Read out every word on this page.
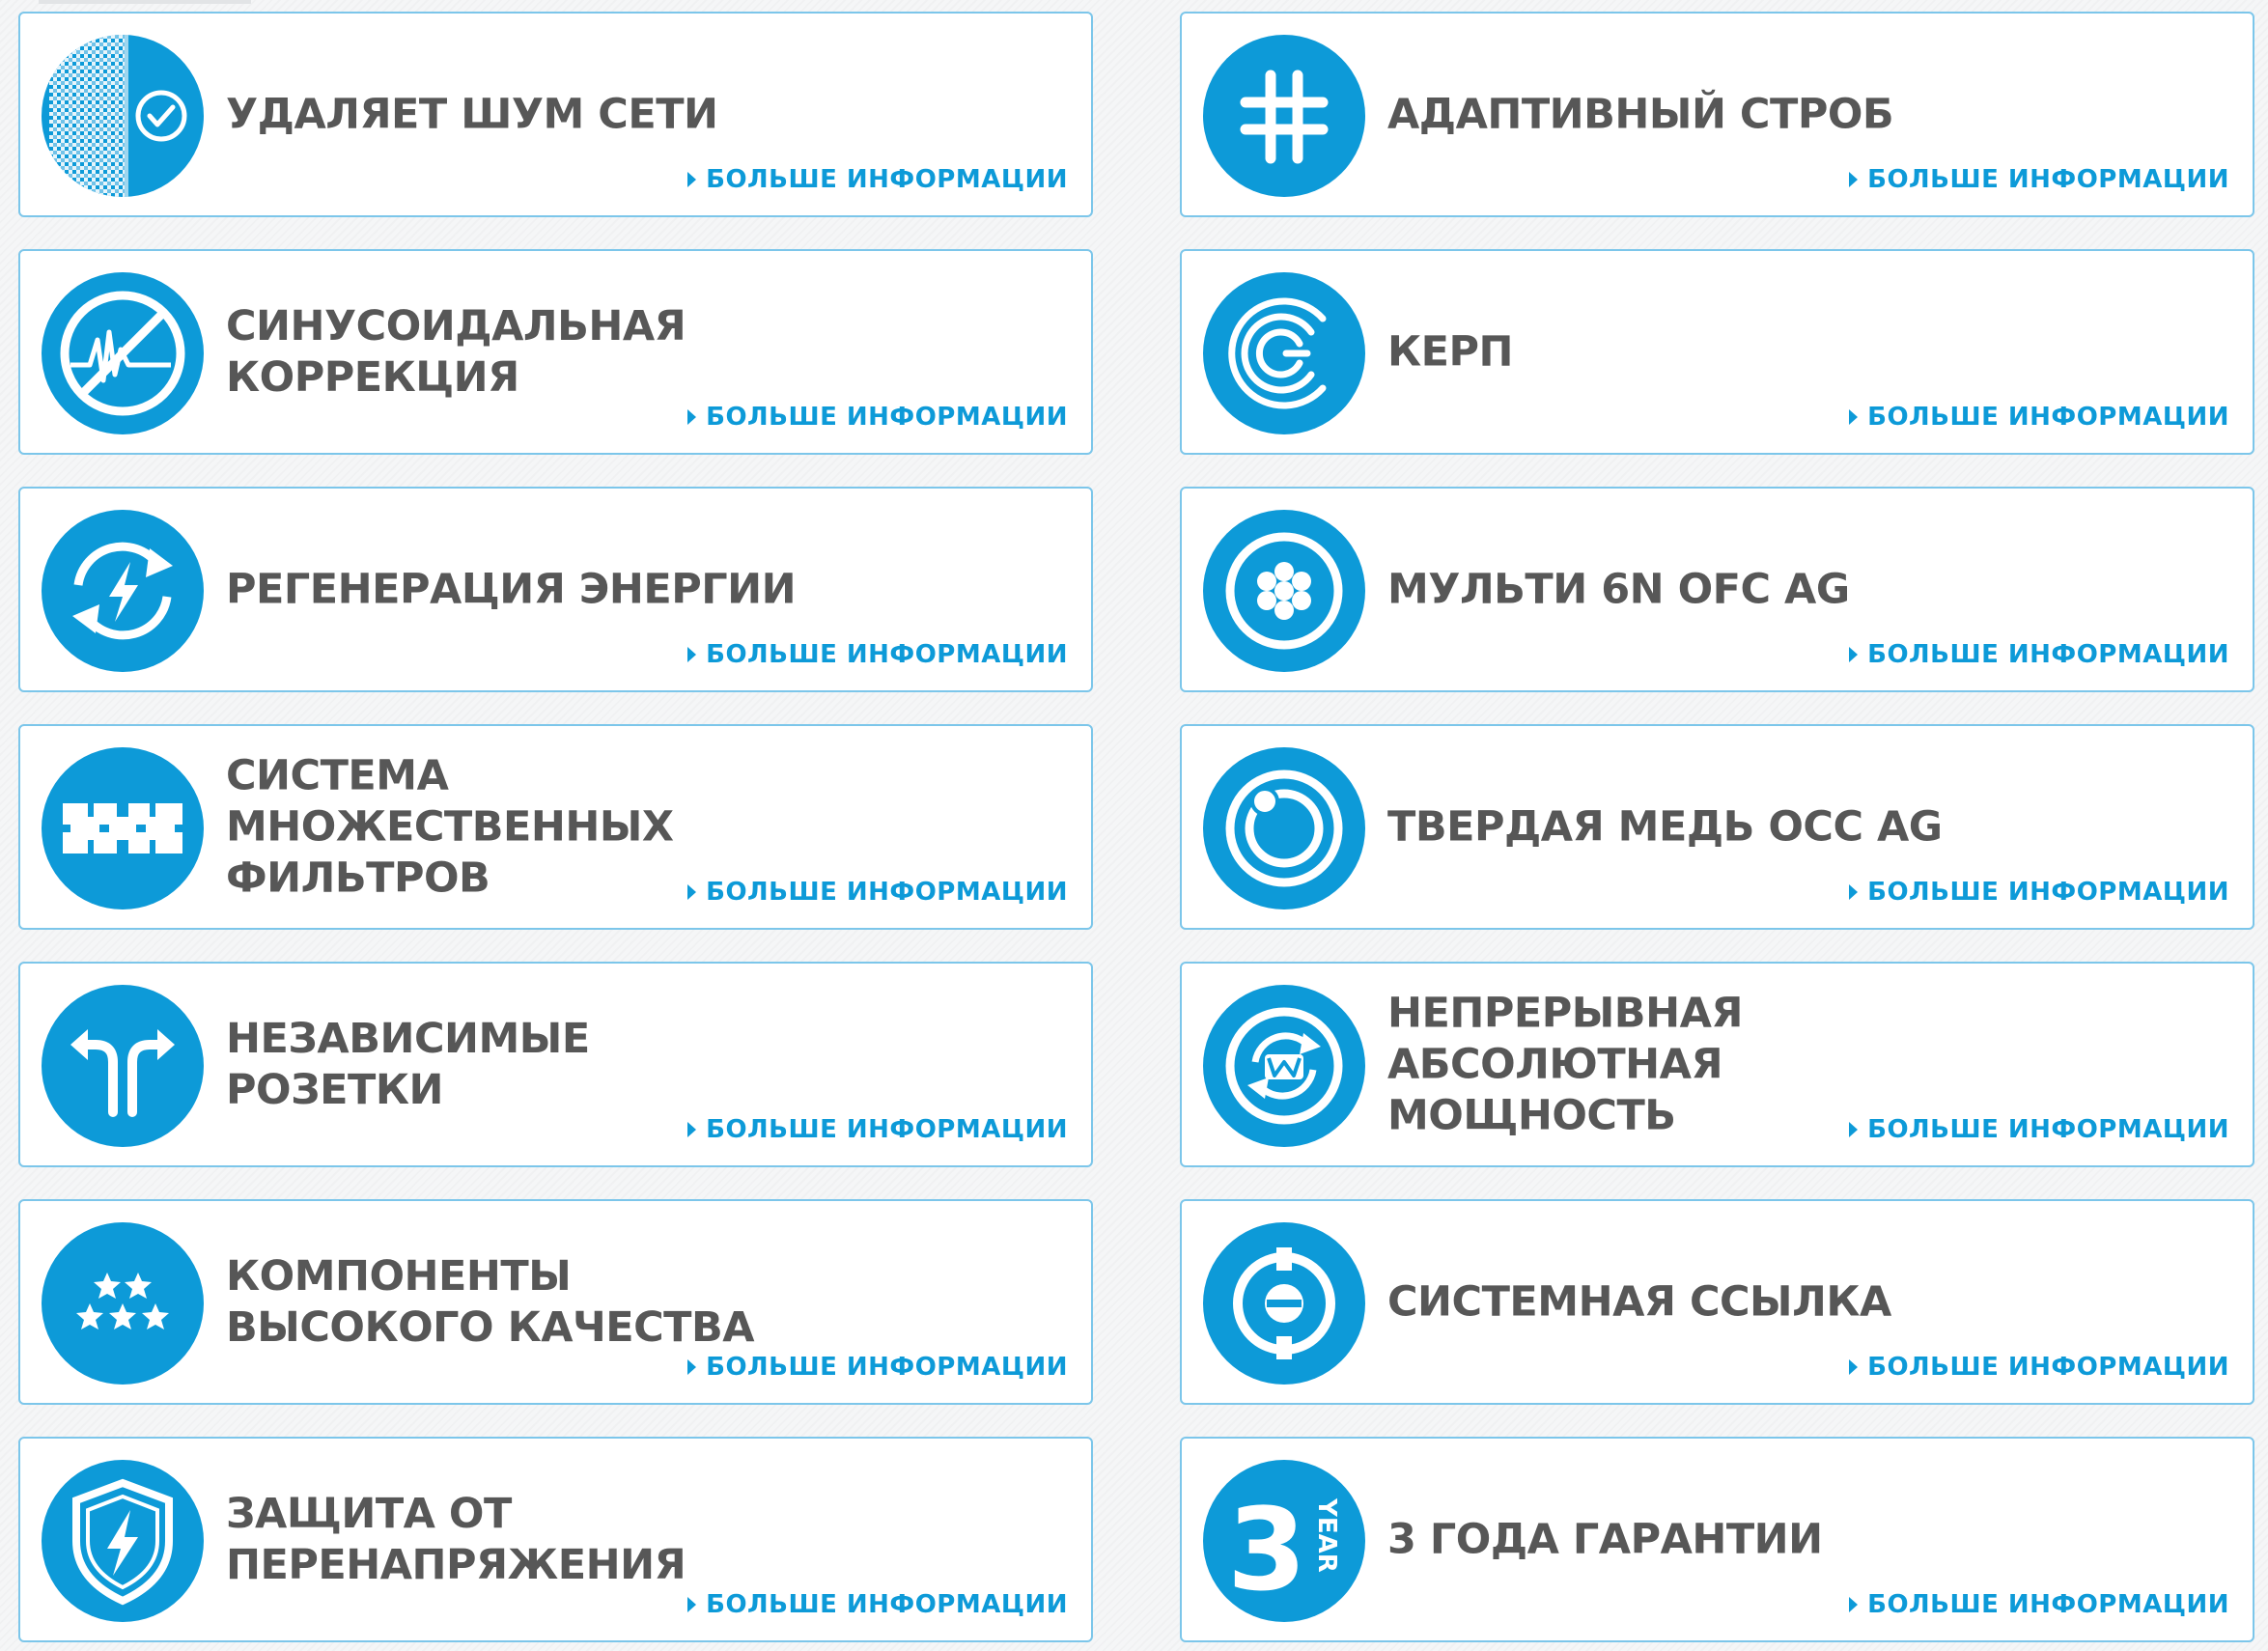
УДАЛЯЕТ ШУМ СЕТИ
БОЛЬШЕ ИНФОРМАЦИИ
АДАПТИВНЫЙ СТРОБ
БОЛЬШЕ ИНФОРМАЦИИ
СИНУСОИДАЛЬНАЯ
КОРРЕКЦИЯ
БОЛЬШЕ ИНФОРМАЦИИ
КЕРП
БОЛЬШЕ ИНФОРМАЦИИ
РЕГЕНЕРАЦИЯ ЭНЕРГИИ
БОЛЬШЕ ИНФОРМАЦИИ
МУЛЬТИ 6N OFC AG
БОЛЬШЕ ИНФОРМАЦИИ
СИСТЕМА
МНОЖЕСТВЕННЫХ
ФИЛЬТРОВ	БОЛЬШЕ ИНФОРМАЦИИ
ТВЕРДАЯ МЕДЬ OCC AG
БОЛЬШЕ ИНФОРМАЦИИ
НЕЗАВИСИМЫЕ РОЗЕТКИ
БОЛЬШЕ ИНФОРМАЦИИ
НЕПРЕРЫВНАЯ
АБСОЛЮТНАЯ
МОЩНОСТЬ	БОЛЬШЕ ИНФОРМАЦИИ
КОМПОНЕНТЫ
ВЫСОКОГО КАЧЕСТВА
БОЛЬШЕ ИНФОРМАЦИИ
СИСТЕМНАЯ ССЫЛКА
БОЛЬШЕ ИНФОРМАЦИИ
ЗАЩИТА ОТ
ПЕРЕНАПРЯЖЕНИЯ
БОЛЬШЕ ИНФОРМАЦИИ 3 YEAR 3 ГОДА ГАРАНТИИ
БОЛЬШЕ ИНФОРМАЦИИ
